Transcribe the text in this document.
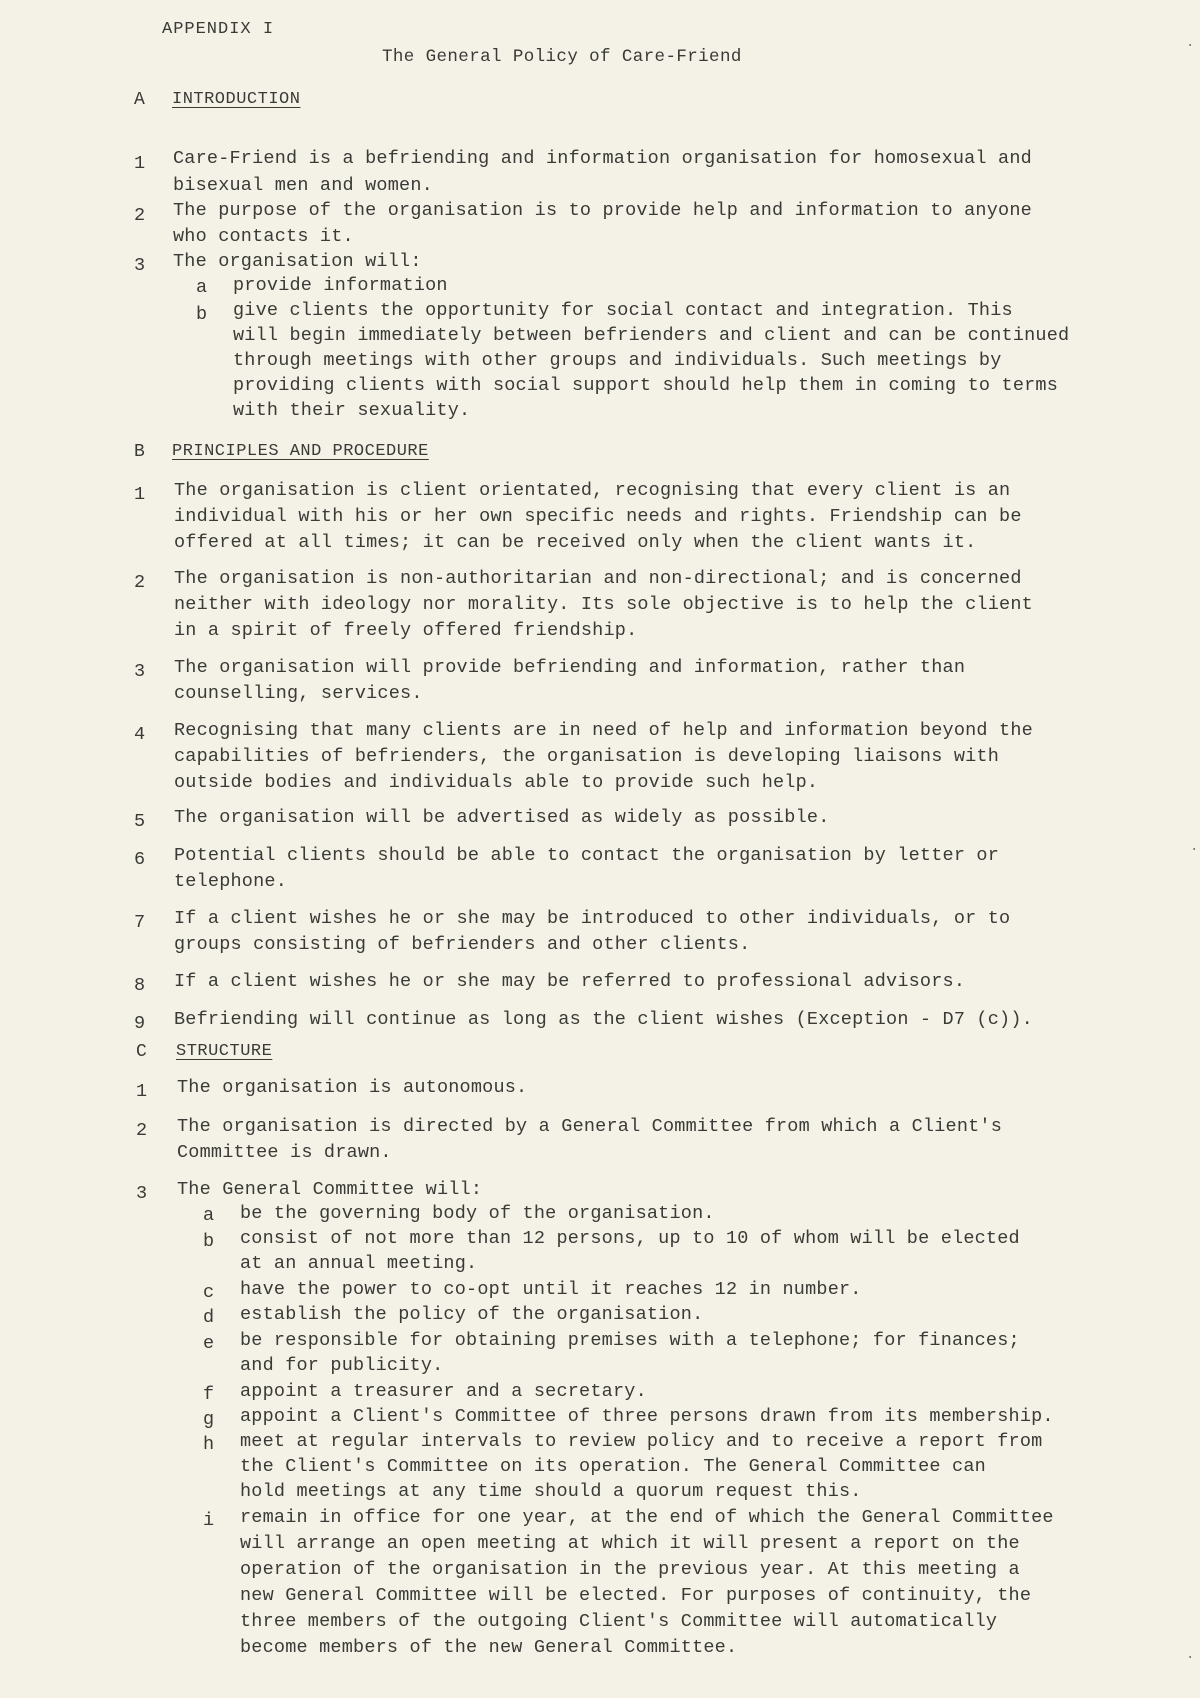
APPENDIX I
The General Policy of Care-Friend
·
·
·
A INTRODUCTION
1 Care-Friend is a befriending and information organisation for homosexual and
bisexual men and women.
2 The purpose of the organisation is to provide help and information to anyone
who contacts it.
3 The organisation will:
a provide information
b give clients the opportunity for social contact and integration. This
will begin immediately between befrienders and client and can be continued
through meetings with other groups and individuals. Such meetings by
providing clients with social support should help them in coming to terms
with their sexuality.
B PRINCIPLES AND PROCEDURE
1 The organisation is client orientated, recognising that every client is an
individual with his or her own specific needs and rights. Friendship can be
offered at all times; it can be received only when the client wants it.
2 The organisation is non-authoritarian and non-directional; and is concerned
neither with ideology nor morality. Its sole objective is to help the client
in a spirit of freely offered friendship.
3 The organisation will provide befriending and information, rather than
counselling, services.
4 Recognising that many clients are in need of help and information beyond the
capabilities of befrienders, the organisation is developing liaisons with
outside bodies and individuals able to provide such help.
5 The organisation will be advertised as widely as possible.
6 Potential clients should be able to contact the organisation by letter or
telephone.
7 If a client wishes he or she may be introduced to other individuals, or to
groups consisting of befrienders and other clients.
8 If a client wishes he or she may be referred to professional advisors.
9 Befriending will continue as long as the client wishes (Exception - D7 (c)).
C STRUCTURE
1 The organisation is autonomous.
2 The organisation is directed by a General Committee from which a Client's
Committee is drawn.
3 The General Committee will:
a be the governing body of the organisation.
b consist of not more than 12 persons, up to 10 of whom will be elected
at an annual meeting.
c have the power to co-opt until it reaches 12 in number.
d establish the policy of the organisation.
e be responsible for obtaining premises with a telephone; for finances;
and for publicity.
f appoint a treasurer and a secretary.
g appoint a Client's Committee of three persons drawn from its membership.
h meet at regular intervals to review policy and to receive a report from
the Client's Committee on its operation. The General Committee can
hold meetings at any time should a quorum request this.
i remain in office for one year, at the end of which the General Committee
will arrange an open meeting at which it will present a report on the
operation of the organisation in the previous year. At this meeting a
new General Committee will be elected. For purposes of continuity, the
three members of the outgoing Client's Committee will automatically
become members of the new General Committee.
